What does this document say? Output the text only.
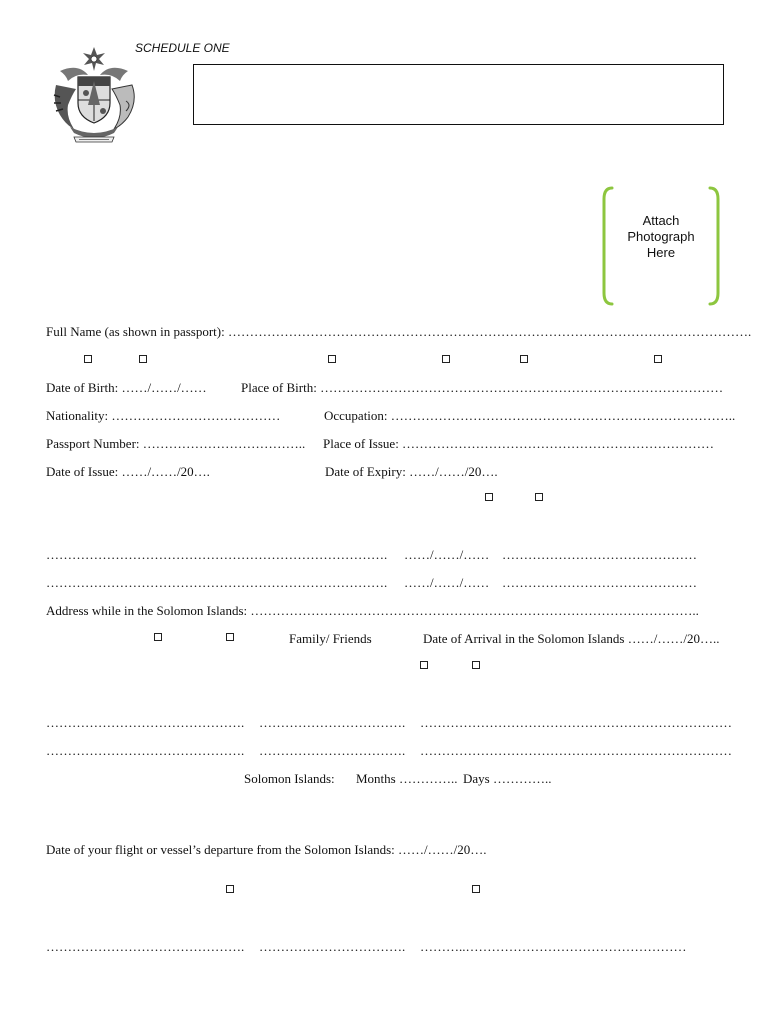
SCHEDULE ONE
Attach
Photograph
Here
Full Name (as shown in passport): ………………………………………………………………………………………………………….
Date of Birth: ……/……/……	Place of Birth: …………………………………………………………………………………
Nationality: …………………………………	Occupation: ……………………………………………………………………..
Passport Number: ……………………………….. Place of Issue: ………………………………………………………………
Date of Issue: ……/……/20….	Date of Expiry: ……/……/20….
……………………………………………………………………. ……/……/…… ………………………………………
……………………………………………………………………. ……/……/…… ………………………………………
Address while in the Solomon Islands: …………………………………………………………………………………………..
Family/ Friends	Date of Arrival in the Solomon Islands ……/……/20…..
………………………………………. ……………………………. ………………………………………………………………
………………………………………. ……………………………. ………………………………………………………………
Solomon Islands: Months ………….. Days …………..
Date of your flight or vessel’s departure from the Solomon Islands: ……/……/20….
………………………………………. ……………………………. ………..……………………………………………
